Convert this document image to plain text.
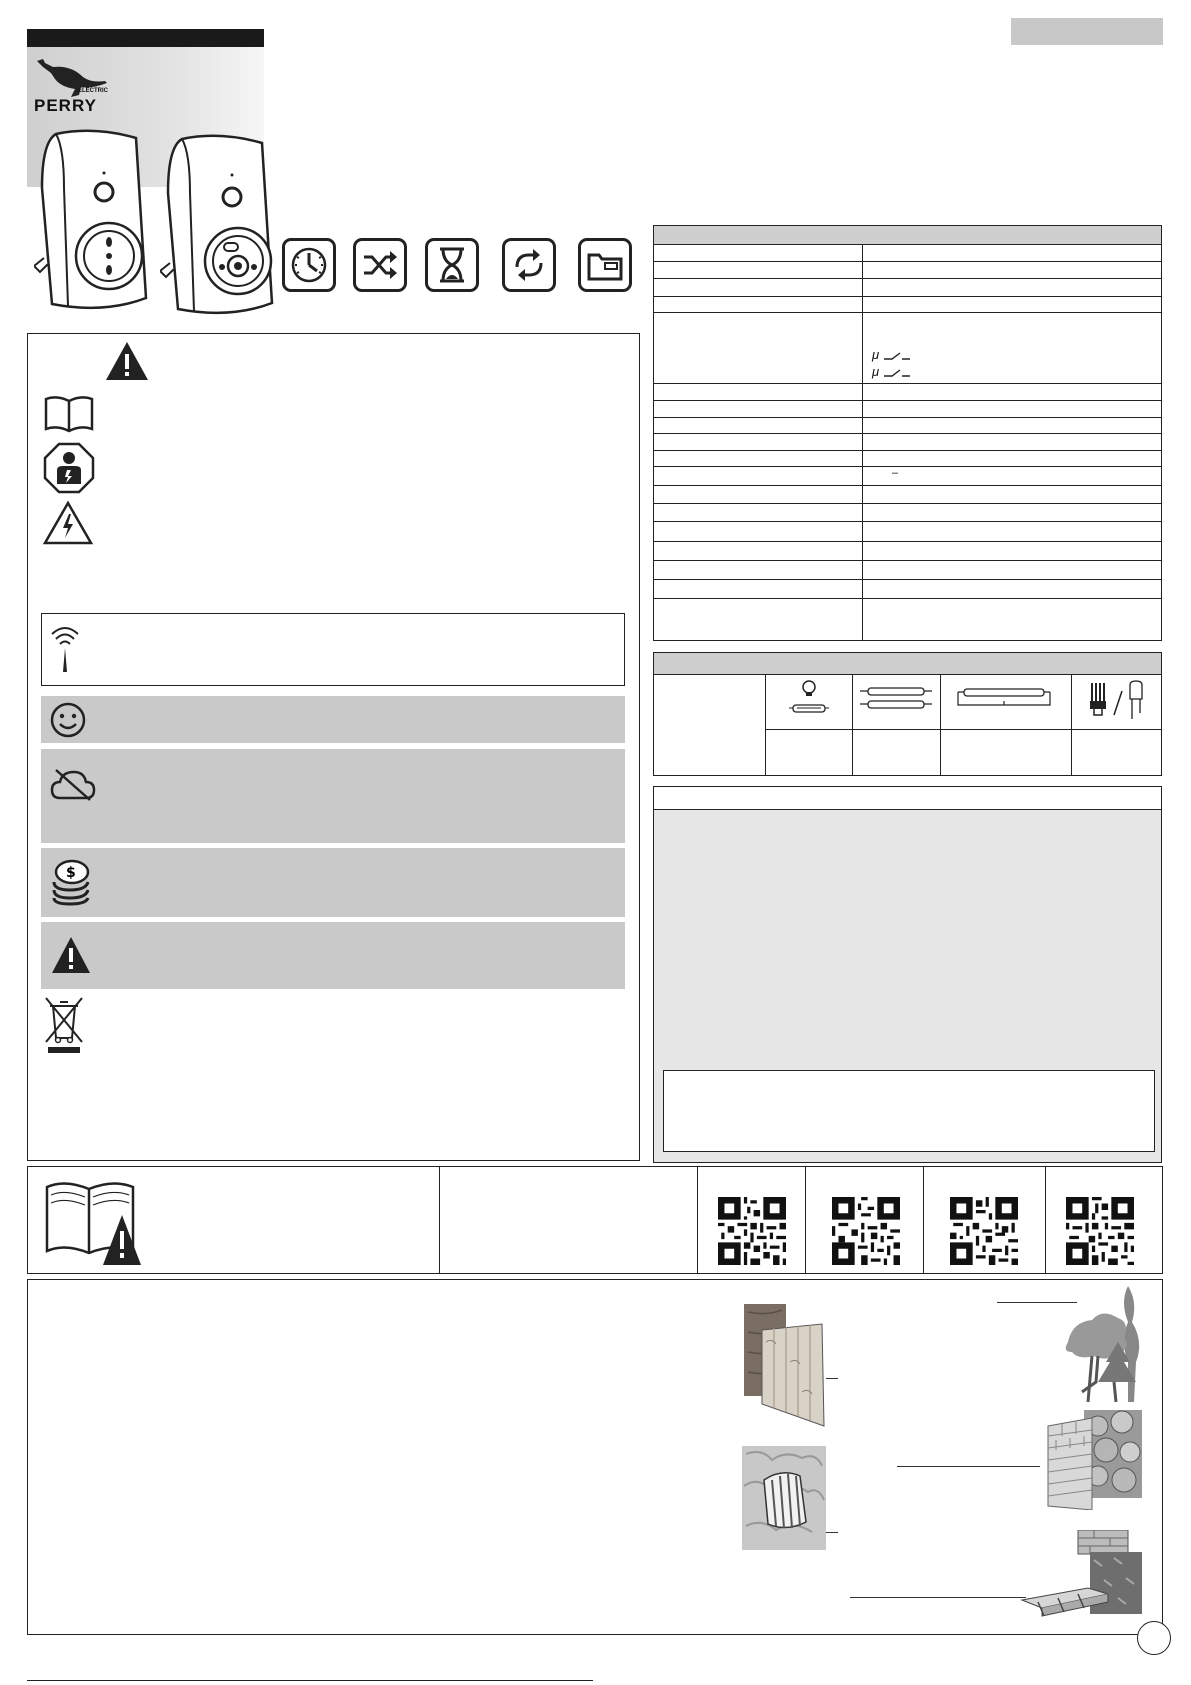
ELECTRIC
PERRY
$
μ
μ
–
